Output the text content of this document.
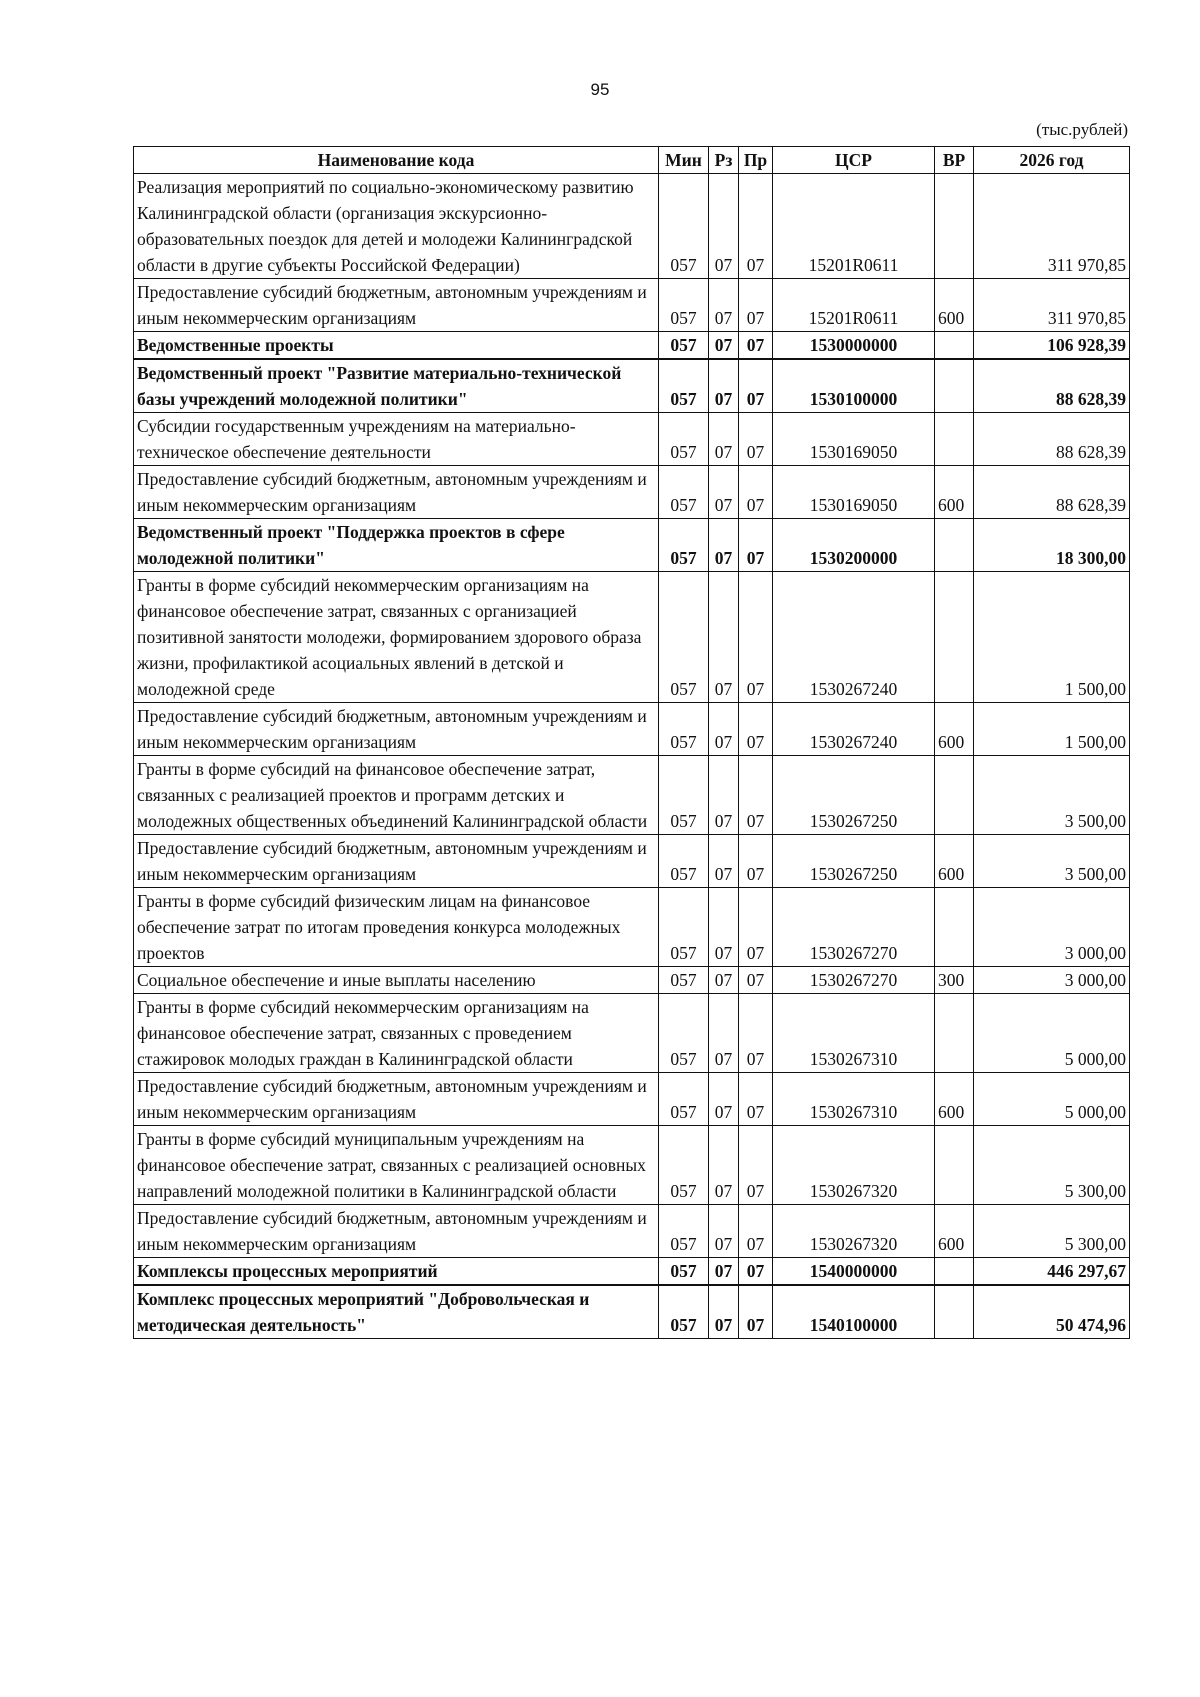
95
(тыс.рублей)
Наименование кода	Мин	Рз	Пр	ЦСР	ВР	2026 год
Реализация мероприятий по социально-экономическому развитию Калининградской области (организация экскурсионно-образовательных поездок для детей и молодежи Калининградской области в другие субъекты Российской Федерации)	057	07	07	15201R0611		311 970,85
Предоставление субсидий бюджетным, автономным учреждениям и иным некоммерческим организациям	057	07	07	15201R0611	600	311 970,85
Ведомственные проекты	057	07	07	1530000000		106 928,39
Ведомственный проект "Развитие материально-технической базы учреждений молодежной политики"	057	07	07	1530100000		88 628,39
Субсидии государственным учреждениям на материально-техническое обеспечение деятельности	057	07	07	1530169050		88 628,39
Предоставление субсидий бюджетным, автономным учреждениям и иным некоммерческим организациям	057	07	07	1530169050	600	88 628,39
Ведомственный проект "Поддержка проектов в сфере молодежной политики"	057	07	07	1530200000		18 300,00
Гранты в форме субсидий некоммерческим организациям на финансовое обеспечение затрат, связанных с организацией позитивной занятости молодежи, формированием здорового образа жизни, профилактикой асоциальных явлений в детской и молодежной среде	057	07	07	1530267240		1 500,00
Предоставление субсидий бюджетным, автономным учреждениям и иным некоммерческим организациям	057	07	07	1530267240	600	1 500,00
Гранты в форме субсидий на финансовое обеспечение затрат, связанных с реализацией проектов и программ детских и молодежных общественных объединений Калининградской области	057	07	07	1530267250		3 500,00
Предоставление субсидий бюджетным, автономным учреждениям и иным некоммерческим организациям	057	07	07	1530267250	600	3 500,00
Гранты в форме субсидий физическим лицам на финансовое обеспечение затрат по итогам проведения конкурса молодежных проектов	057	07	07	1530267270		3 000,00
Социальное обеспечение и иные выплаты населению	057	07	07	1530267270	300	3 000,00
Гранты в форме субсидий некоммерческим организациям на финансовое обеспечение затрат, связанных с проведением стажировок молодых граждан в Калининградской области	057	07	07	1530267310		5 000,00
Предоставление субсидий бюджетным, автономным учреждениям и иным некоммерческим организациям	057	07	07	1530267310	600	5 000,00
Гранты в форме субсидий муниципальным учреждениям на финансовое обеспечение затрат, связанных с реализацией основных направлений молодежной политики в Калининградской области	057	07	07	1530267320		5 300,00
Предоставление субсидий бюджетным, автономным учреждениям и иным некоммерческим организациям	057	07	07	1530267320	600	5 300,00
Комплексы процессных мероприятий	057	07	07	1540000000		446 297,67
Комплекс процессных мероприятий "Добровольческая и методическая деятельность"	057	07	07	1540100000		50 474,96
